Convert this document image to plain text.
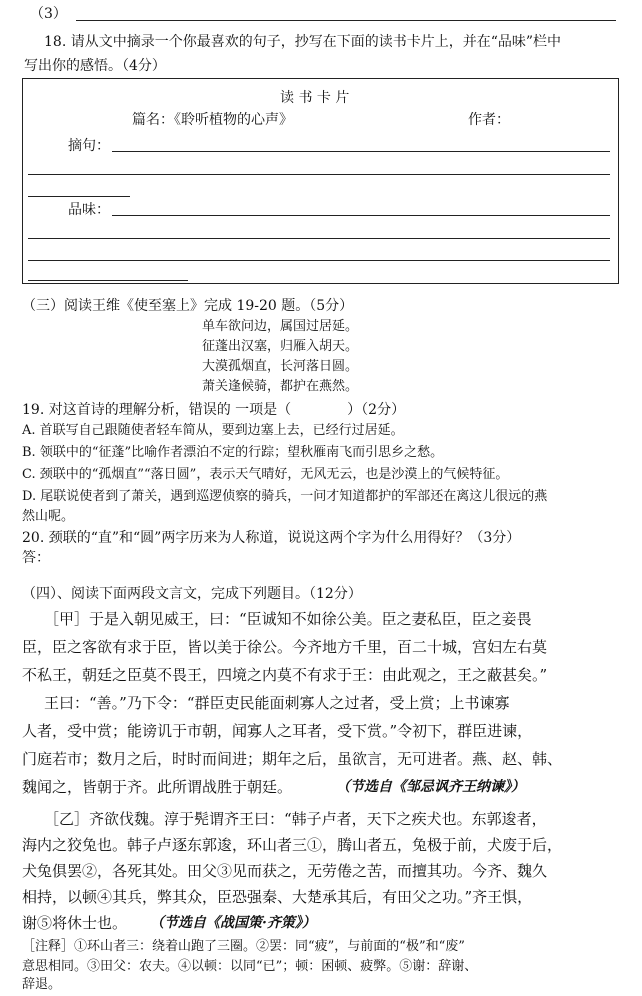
（3）
18. 请从文中摘录一个你最喜欢的句子，抄写在下面的读书卡片上，并在“品味”栏中
写出你的感悟。（4分）
读 书 卡 片
篇名：《聆听植物的心声》	作者：
摘句：
品味：
（三）阅读王维《使至塞上》完成 19-20 题。（5分）
单车欲问边，属国过居延。
征蓬出汉塞，归雁入胡天。
大漠孤烟直，长河落日圆。
萧关逢候骑，都护在燕然。
19. 对这首诗的理解分析，错误的 一项是（　　　　）（2分）
A. 首联写自己跟随使者轻车简从，要到边塞上去，已经行过居延。
B. 领联中的“征蓬”比喻作者漂泊不定的行踪；望秋雁南飞而引思乡之愁。
C. 颈联中的“孤烟直”“落日圆”，表示天气晴好，无风无云，也是沙漠上的气候特征。
D. 尾联说使者到了萧关，遇到巡逻侦察的骑兵，一问才知道都护的军部还在离这儿很远的燕
然山呢。
20. 颈联的“直”和“圆”两字历来为人称道，说说这两个字为什么用得好？（3分）
答：
（四）、阅读下面两段文言文，完成下列题目。（12分）
［甲］于是入朝见威王，曰：“臣诚知不如徐公美。臣之妻私臣，臣之妾畏
臣，臣之客欲有求于臣，皆以美于徐公。今齐地方千里，百二十城，宫妇左右莫
不私王，朝廷之臣莫不畏王，四境之内莫不有求于王：由此观之，王之蔽甚矣。”
王曰：“善。”乃下令：“群臣吏民能面刺寡人之过者，受上赏；上书谏寡
人者，受中赏；能谤讥于市朝，闻寡人之耳者，受下赏。”令初下，群臣进谏，
门庭若市；数月之后，时时而间进；期年之后，虽欲言，无可进者。燕、赵、韩、
魏闻之，皆朝于齐。此所谓战胜于朝廷。	（节选自《邹忌讽齐王纳谏》）
［乙］齐欲伐魏。淳于髡谓齐王曰：“韩子卢者，天下之疾犬也。东郭逡者，
海内之狡兔也。韩子卢逐东郭逡，环山者三①，腾山者五，兔极于前，犬废于后，
犬兔俱罢②，各死其处。田父③见而获之，无劳倦之苦，而擅其功。今齐、魏久
相持，以顿④其兵，弊其众，臣恐强秦、大楚承其后，有田父之功。”齐王惧，
谢⑤将休士也。 （节选自《战国策·齐策》）
［注释］①环山者三：绕着山跑了三圈。②罢：同“疲”，与前面的“极”和“废”
意思相同。③田父：农夫。④以顿：以同“已”；顿：困顿、疲弊。⑤谢：辞谢、
辞退。
